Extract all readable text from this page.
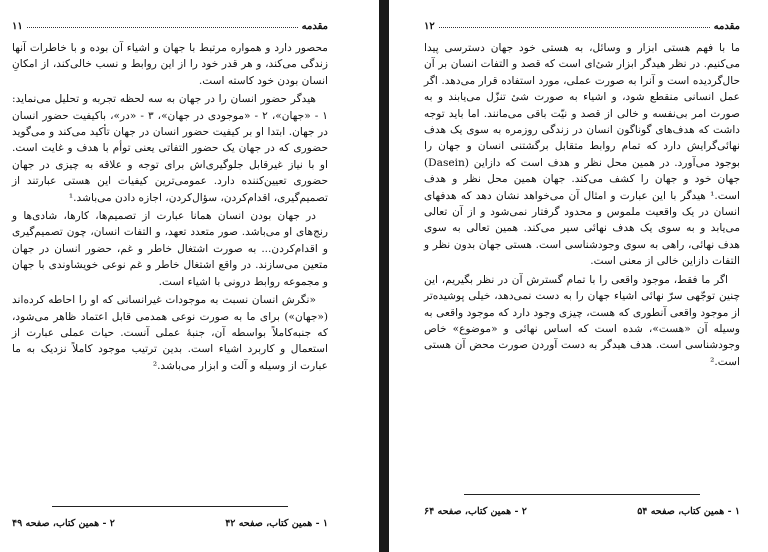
مقدمه
۱۱

محصور دارد و همواره مرتبط با جهان و اشیاء آن بوده و با خاطرات آنها زندگی می‌کند، و هر قدر خود را از این روابط و نسب خالی‌کند، از امکانِ انسان بودن خود کاسته است.

هیدگر حضور انسان را در جهان به سه لحظه تجربه و تحلیل می‌نماید: ۱ - «جهان»، ۲ - «موجودی در جهان»، ۳ - «در»، باکیفیت حضور انسان در جهان. ابتدا او بر کیفیت حضور انسان در جهان تأکید می‌کند و می‌گوید حضوری که در جهان یک حضور التفاتی یعنی توأم با هدف و غایت است. او با نیاز غیرقابل جلوگیری‌اش برای توجه و علاقه به چیزی در جهان حضوری تعیین‌کننده دارد. عمومی‌ترین کیفیات این هستی عبارتند از تصمیم‌گیری، اقدام‌کردن، سؤال‌کردن، اجازه دادن می‌باشد.¹

در جهان بودن انسان همانا عبارت از تصمیم‌ها، کارها، شادی‌ها و رنج‌های او می‌باشد. صور متعدد تعهد، و التفات انسان، چون تصمیم‌گیری و اقدام‌کردن... به صورت اشتغال خاطر و غم، حضور انسان در جهان متعین می‌سازند. در واقع اشتغال خاطر و غم نوعی خویشاوندی با جهان و مجموعه روابط درونی با اشیاء است.

«نگرش انسان نسبت به موجودات غیرانسانی که او را احاطه کرده‌اند («جهان») برای ما به صورت نوعی همدمی قابل اعتماد ظاهر می‌شود، که جنبه‌کاملاً بواسطه آن، جنبهٔ عملی آنست. حیات عملی عبارت از استعمال و کاربرد اشیاء است. بدین ترتیب موجود کاملاً نزدیک به ما عبارت از وسیله و آلت و ابزار می‌باشد.²

۱ - همین کتاب، صفحه ۴۲
۲ - همین کتاب، صفحه ۴۹
مقدمه
۱۲

ما با فهم هستی ابزار و وسائل، به هستی خود جهان دسترسی پیدا می‌کنیم. در نظر هیدگر ابزار شئ‌ای است که قصد و التفات انسان بر آن حال‌گردیده است و آنرا به صورت عملی، مورد استفاده قرار می‌دهد. اگر عمل انسانی منقطع شود، و اشیاء به صورت شئ تنزّل می‌یابند و به صورت امر بی‌نفسه و خالی از قصد و نیّت باقی می‌مانند. اما باید توجه داشت که هدف‌های گوناگون انسان در زندگی روزمره به سوی یک هدف نهائی‌گرایش دارد که تمام روابط متقابل برگشتنی انسان و جهان را بوجود می‌آورد. در همین محل نظر و هدف است که دازاین (Dasein) جهان خود و جهان را کشف می‌کند. جهان همین محل نظر و هدف است.¹ هیدگر با این عبارت و امثال آن می‌خواهد نشان دهد که هدفهای انسان در یک واقعیت ملموس و محدود گرفتار نمی‌شود و از آن تعالی می‌یابد و به سوی یک هدف نهائی سیر می‌کند. همین تعالی به سوی هدف نهائی، راهی به سوی وجودشناسی است. هستی جهان بدون نظر و التفات دازاین خالی از معنی است.

اگر ما فقط، موجود واقعی را با تمام گسترش آن در نظر بگیریم، این چنین توجّهی سرّ نهائی اشیاء جهان را به دست نمی‌دهد، خیلی پوشیده‌تر از موجود واقعی آنطوری که هست، چیزی وجود دارد که موجود واقعی به وسیله آن «هست»، شده است که اساس نهائی و «موضوع» خاص وجودشناسی است. هدف هیدگر به دست آوردن صورت محض آن هستی است.²

۱ - همین کتاب، صفحه ۵۴
۲ - همین کتاب، صفحه ۶۴
